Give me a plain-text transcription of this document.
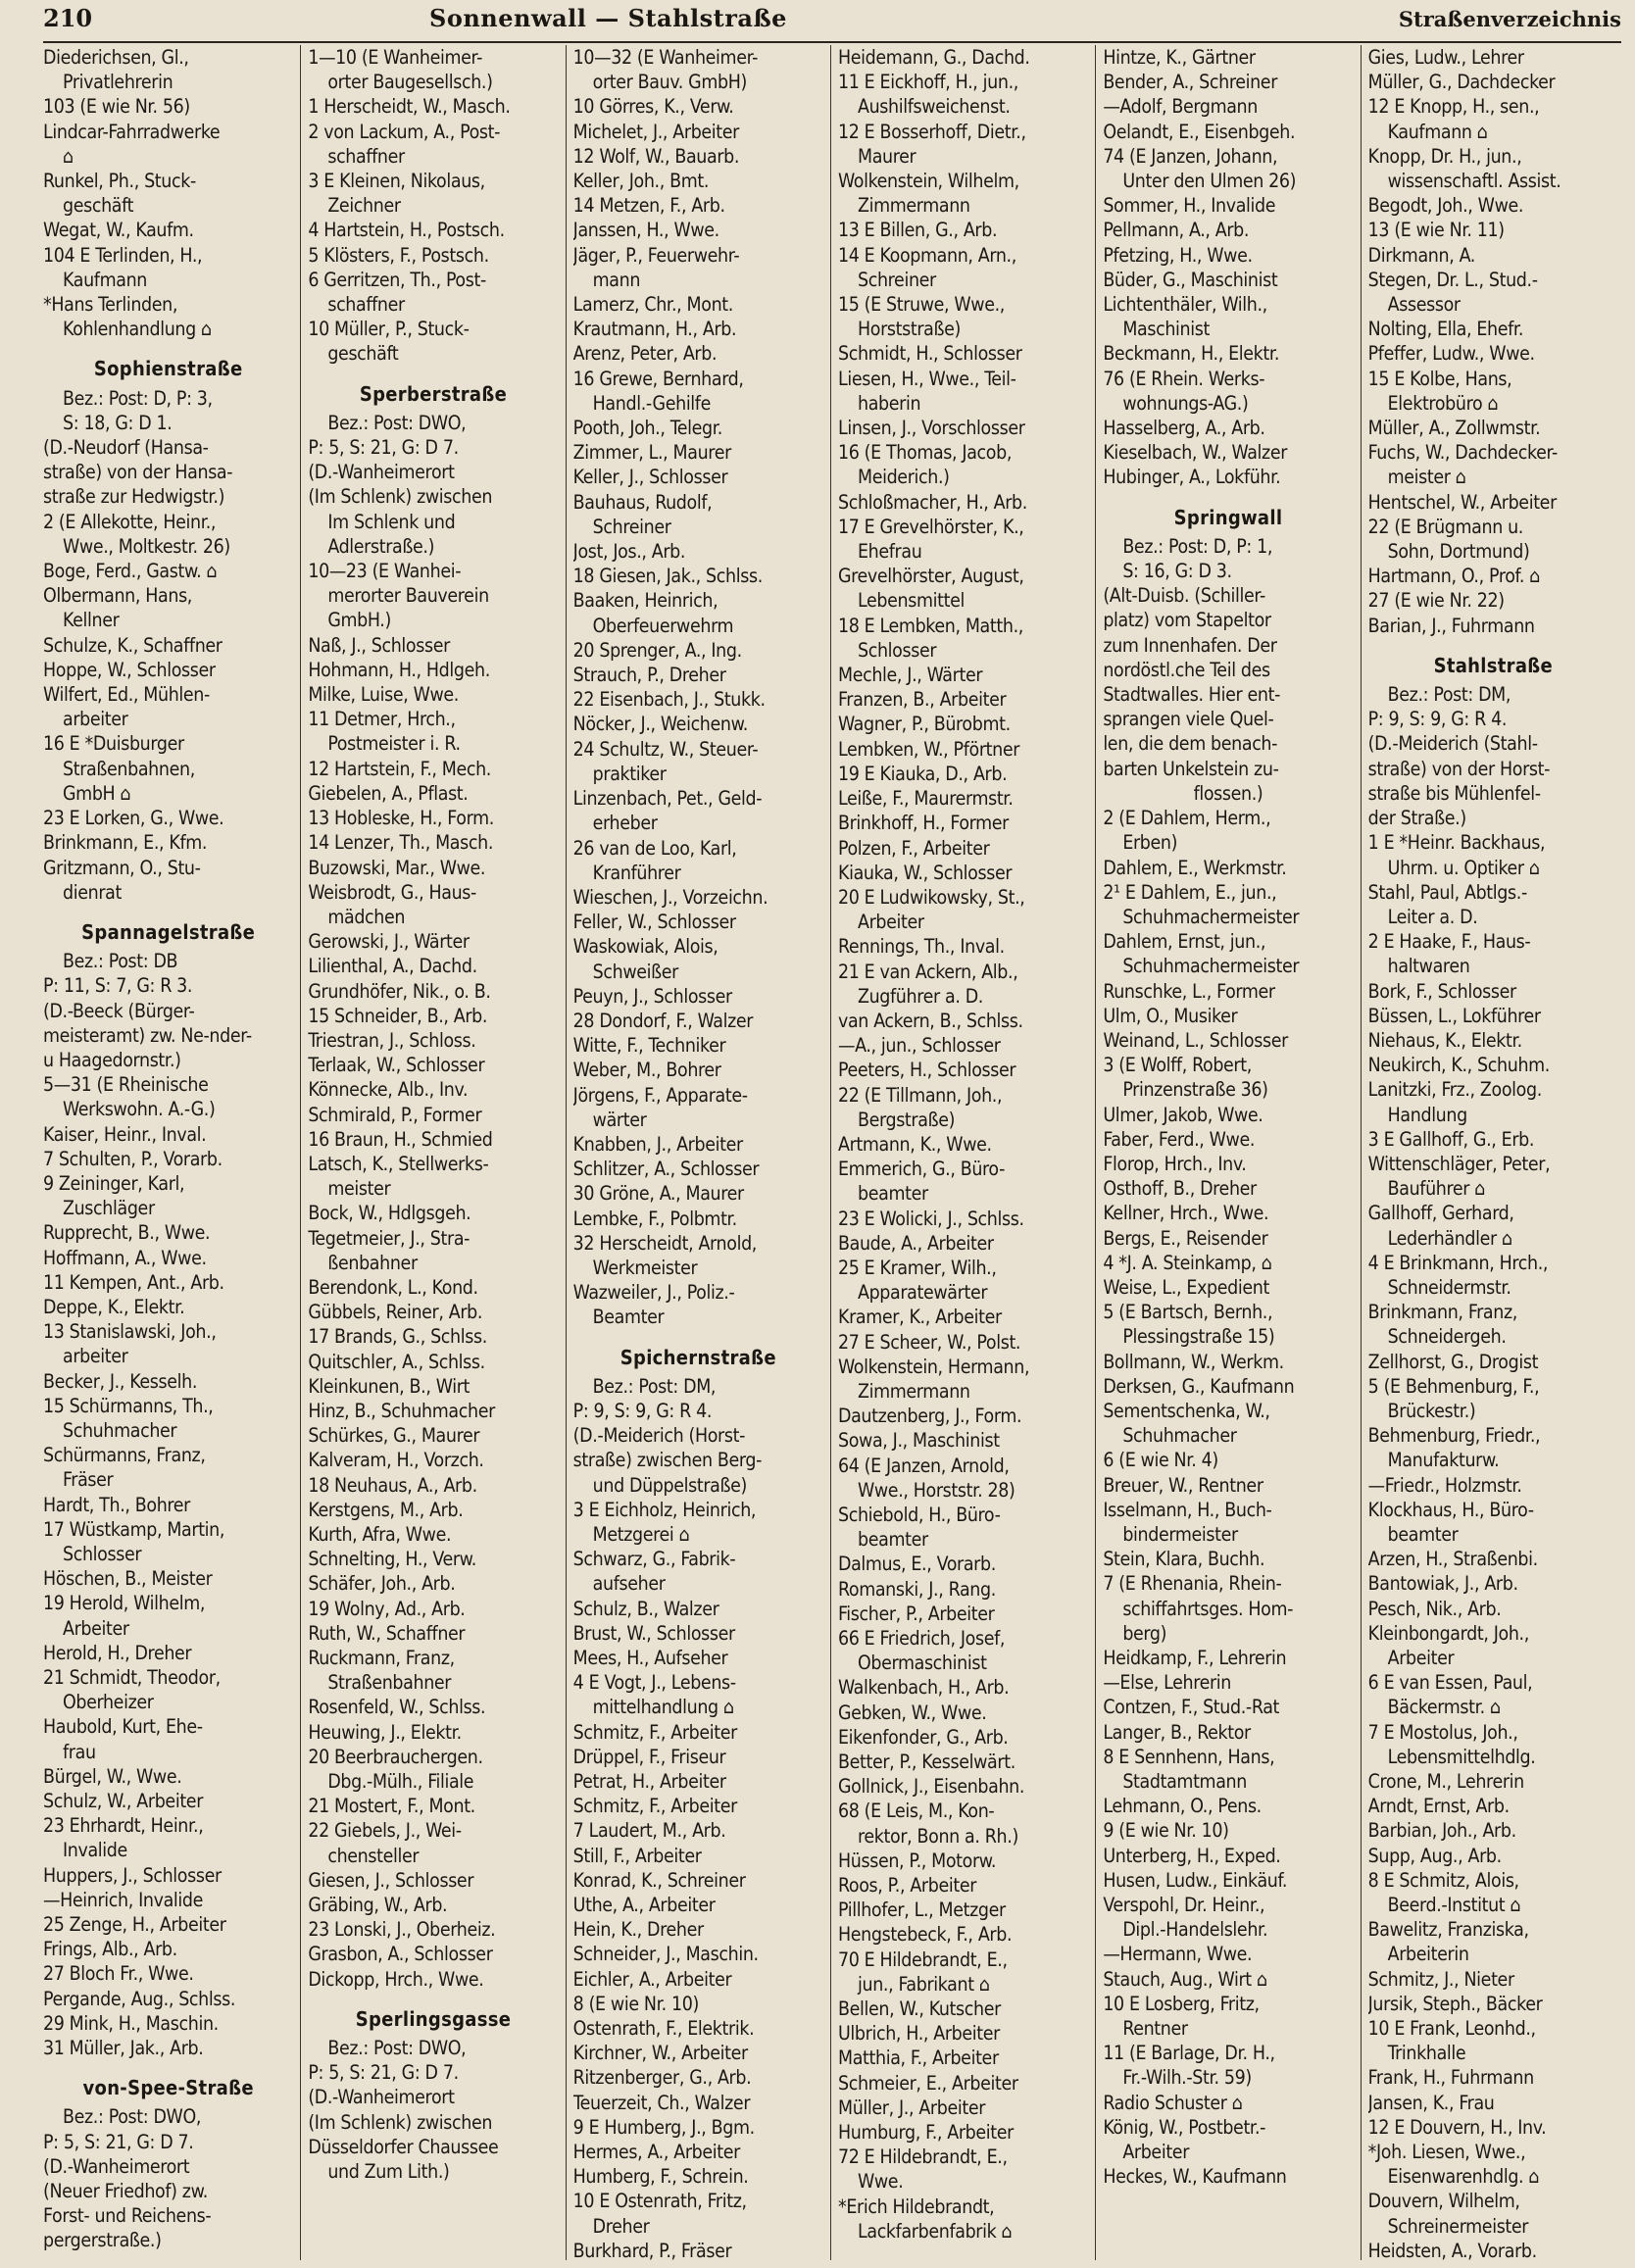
210	Sonnenwall — Stahlstraße	Straßenverzeichnis
Diederichsen, Gl.,
Privatlehrerin
103 (E wie Nr. 56)
Lindcar-Fahrradwerke
⌂
Runkel, Ph., Stuck-
geschäft
Wegat, W., Kaufm.
104 E Terlinden, H.,
Kaufmann
*Hans Terlinden,
Kohlenhandlung ⌂
Sophienstraße
Bez.: Post: D, P: 3,
S: 18, G: D 1.
(D.-Neudorf (Hansa-
straße) von der Hansa-
straße zur Hedwigstr.)
2 (E Allekotte, Heinr.,
Wwe., Moltkestr. 26)
Boge, Ferd., Gastw. ⌂
Olbermann, Hans,
Kellner
Schulze, K., Schaffner
Hoppe, W., Schlosser
Wilfert, Ed., Mühlen-
arbeiter
16 E *Duisburger
Straßenbahnen,
GmbH ⌂
23 E Lorken, G., Wwe.
Brinkmann, E., Kfm.
Gritzmann, O., Stu-
dienrat
Spannagelstraße
Bez.: Post: DB
P: 11, S: 7, G: R 3.
(D.-Beeck (Bürger-
meisteramt) zw. Ne-nder-
u Haagedornstr.)
5—31 (E Rheinische
Werkswohn. A.-G.)
Kaiser, Heinr., Inval.
7 Schulten, P., Vorarb.
9 Zeininger, Karl,
Zuschläger
Rupprecht, B., Wwe.
Hoffmann, A., Wwe.
11 Kempen, Ant., Arb.
Deppe, K., Elektr.
13 Stanislawski, Joh.,
arbeiter
Becker, J., Kesselh.
15 Schürmanns, Th.,
Schuhmacher
Schürmanns, Franz,
Fräser
Hardt, Th., Bohrer
17 Wüstkamp, Martin,
Schlosser
Höschen, B., Meister
19 Herold, Wilhelm,
Arbeiter
Herold, H., Dreher
21 Schmidt, Theodor,
Oberheizer
Haubold, Kurt, Ehe-
frau
Bürgel, W., Wwe.
Schulz, W., Arbeiter
23 Ehrhardt, Heinr.,
Invalide
Huppers, J., Schlosser
—Heinrich, Invalide
25 Zenge, H., Arbeiter
Frings, Alb., Arb.
27 Bloch Fr., Wwe.
Pergande, Aug., Schlss.
29 Mink, H., Maschin.
31 Müller, Jak., Arb.
von-Spee-Straße
Bez.: Post: DWO,
P: 5, S: 21, G: D 7.
(D.-Wanheimerort
(Neuer Friedhof) zw.
Forst- und Reichens-
pergerstraße.)
1—10 (E Wanheimer-
orter Baugesellsch.)
1 Herscheidt, W., Masch.
2 von Lackum, A., Post-
schaffner
3 E Kleinen, Nikolaus,
Zeichner
4 Hartstein, H., Postsch.
5 Klösters, F., Postsch.
6 Gerritzen, Th., Post-
schaffner
10 Müller, P., Stuck-
geschäft
Sperberstraße
Bez.: Post: DWO,
P: 5, S: 21, G: D 7.
(D.-Wanheimerort
(Im Schlenk) zwischen
Im Schlenk und
Adlerstraße.)
10—23 (E Wanhei-
merorter Bauverein
GmbH.)
Naß, J., Schlosser
Hohmann, H., Hdlgeh.
Milke, Luise, Wwe.
11 Detmer, Hrch.,
Postmeister i. R.
12 Hartstein, F., Mech.
Giebelen, A., Pflast.
13 Hobleske, H., Form.
14 Lenzer, Th., Masch.
Buzowski, Mar., Wwe.
Weisbrodt, G., Haus-
mädchen
Gerowski, J., Wärter
Lilienthal, A., Dachd.
Grundhöfer, Nik., o. B.
15 Schneider, B., Arb.
Triestran, J., Schloss.
Terlaak, W., Schlosser
Könnecke, Alb., Inv.
Schmirald, P., Former
16 Braun, H., Schmied
Latsch, K., Stellwerks-
meister
Bock, W., Hdlgsgeh.
Tegetmeier, J., Stra-
ßenbahner
Berendonk, L., Kond.
Gübbels, Reiner, Arb.
17 Brands, G., Schlss.
Quitschler, A., Schlss.
Kleinkunen, B., Wirt
Hinz, B., Schuhmacher
Schürkes, G., Maurer
Kalveram, H., Vorzch.
18 Neuhaus, A., Arb.
Kerstgens, M., Arb.
Kurth, Afra, Wwe.
Schnelting, H., Verw.
Schäfer, Joh., Arb.
19 Wolny, Ad., Arb.
Ruth, W., Schaffner
Ruckmann, Franz,
Straßenbahner
Rosenfeld, W., Schlss.
Heuwing, J., Elektr.
20 Beerbrauchergen.
Dbg.-Mülh., Filiale
21 Mostert, F., Mont.
22 Giebels, J., Wei-
chensteller
Giesen, J., Schlosser
Gräbing, W., Arb.
23 Lonski, J., Oberheiz.
Grasbon, A., Schlosser
Dickopp, Hrch., Wwe.
Sperlingsgasse
Bez.: Post: DWO,
P: 5, S: 21, G: D 7.
(D.-Wanheimerort
(Im Schlenk) zwischen
Düsseldorfer Chaussee
und Zum Lith.)
10—32 (E Wanheimer-
orter Bauv. GmbH)
10 Görres, K., Verw.
Michelet, J., Arbeiter
12 Wolf, W., Bauarb.
Keller, Joh., Bmt.
14 Metzen, F., Arb.
Janssen, H., Wwe.
Jäger, P., Feuerwehr-
mann
Lamerz, Chr., Mont.
Krautmann, H., Arb.
Arenz, Peter, Arb.
16 Grewe, Bernhard,
Handl.-Gehilfe
Pooth, Joh., Telegr.
Zimmer, L., Maurer
Keller, J., Schlosser
Bauhaus, Rudolf,
Schreiner
Jost, Jos., Arb.
18 Giesen, Jak., Schlss.
Baaken, Heinrich,
Oberfeuerwehrm
20 Sprenger, A., Ing.
Strauch, P., Dreher
22 Eisenbach, J., Stukk.
Nöcker, J., Weichenw.
24 Schultz, W., Steuer-
praktiker
Linzenbach, Pet., Geld-
erheber
26 van de Loo, Karl,
Kranführer
Wieschen, J., Vorzeichn.
Feller, W., Schlosser
Waskowiak, Alois,
Schweißer
Peuyn, J., Schlosser
28 Dondorf, F., Walzer
Witte, F., Techniker
Weber, M., Bohrer
Jörgens, F., Apparate-
wärter
Knabben, J., Arbeiter
Schlitzer, A., Schlosser
30 Gröne, A., Maurer
Lembke, F., Polbmtr.
32 Herscheidt, Arnold,
Werkmeister
Wazweiler, J., Poliz.-
Beamter
Spichernstraße
Bez.: Post: DM,
P: 9, S: 9, G: R 4.
(D.-Meiderich (Horst-
straße) zwischen Berg-
und Düppelstraße)
3 E Eichholz, Heinrich,
Metzgerei ⌂
Schwarz, G., Fabrik-
aufseher
Schulz, B., Walzer
Brust, W., Schlosser
Mees, H., Aufseher
4 E Vogt, J., Lebens-
mittelhandlung ⌂
Schmitz, F., Arbeiter
Drüppel, F., Friseur
Petrat, H., Arbeiter
Schmitz, F., Arbeiter
7 Laudert, M., Arb.
Still, F., Arbeiter
Konrad, K., Schreiner
Uthe, A., Arbeiter
Hein, K., Dreher
Schneider, J., Maschin.
Eichler, A., Arbeiter
8 (E wie Nr. 10)
Ostenrath, F., Elektrik.
Kirchner, W., Arbeiter
Ritzenberger, G., Arb.
Teuerzeit, Ch., Walzer
9 E Humberg, J., Bgm.
Hermes, A., Arbeiter
Humberg, F., Schrein.
10 E Ostenrath, Fritz,
Dreher
Burkhard, P., Fräser
Heidemann, G., Dachd.
11 E Eickhoff, H., jun.,
Aushilfsweichenst.
12 E Bosserhoff, Dietr.,
Maurer
Wolkenstein, Wilhelm,
Zimmermann
13 E Billen, G., Arb.
14 E Koopmann, Arn.,
Schreiner
15 (E Struwe, Wwe.,
Horststraße)
Schmidt, H., Schlosser
Liesen, H., Wwe., Teil-
haberin
Linsen, J., Vorschlosser
16 (E Thomas, Jacob,
Meiderich.)
Schloßmacher, H., Arb.
17 E Grevelhörster, K.,
Ehefrau
Grevelhörster, August,
Lebensmittel
18 E Lembken, Matth.,
Schlosser
Mechle, J., Wärter
Franzen, B., Arbeiter
Wagner, P., Bürobmt.
Lembken, W., Pförtner
19 E Kiauka, D., Arb.
Leiße, F., Maurermstr.
Brinkhoff, H., Former
Polzen, F., Arbeiter
Kiauka, W., Schlosser
20 E Ludwikowsky, St.,
Arbeiter
Rennings, Th., Inval.
21 E van Ackern, Alb.,
Zugführer a. D.
van Ackern, B., Schlss.
—A., jun., Schlosser
Peeters, H., Schlosser
22 (E Tillmann, Joh.,
Bergstraße)
Artmann, K., Wwe.
Emmerich, G., Büro-
beamter
23 E Wolicki, J., Schlss.
Baude, A., Arbeiter
25 E Kramer, Wilh.,
Apparatewärter
Kramer, K., Arbeiter
27 E Scheer, W., Polst.
Wolkenstein, Hermann,
Zimmermann
Dautzenberg, J., Form.
Sowa, J., Maschinist
64 (E Janzen, Arnold,
Wwe., Horststr. 28)
Schiebold, H., Büro-
beamter
Dalmus, E., Vorarb.
Romanski, J., Rang.
Fischer, P., Arbeiter
66 E Friedrich, Josef,
Obermaschinist
Walkenbach, H., Arb.
Gebken, W., Wwe.
Eikenfonder, G., Arb.
Better, P., Kesselwärt.
Gollnick, J., Eisenbahn.
68 (E Leis, M., Kon-
rektor, Bonn a. Rh.)
Hüssen, P., Motorw.
Roos, P., Arbeiter
Pillhofer, L., Metzger
Hengstebeck, F., Arb.
70 E Hildebrandt, E.,
jun., Fabrikant ⌂
Bellen, W., Kutscher
Ulbrich, H., Arbeiter
Matthia, F., Arbeiter
Schmeier, E., Arbeiter
Müller, J., Arbeiter
Humburg, F., Arbeiter
72 E Hildebrandt, E.,
Wwe.
*Erich Hildebrandt,
Lackfarbenfabrik ⌂
Hintze, K., Gärtner
Bender, A., Schreiner
—Adolf, Bergmann
Oelandt, E., Eisenbgeh.
74 (E Janzen, Johann,
Unter den Ulmen 26)
Sommer, H., Invalide
Pellmann, A., Arb.
Pfetzing, H., Wwe.
Büder, G., Maschinist
Lichtenthäler, Wilh.,
Maschinist
Beckmann, H., Elektr.
76 (E Rhein. Werks-
wohnungs-AG.)
Hasselberg, A., Arb.
Kieselbach, W., Walzer
Hubinger, A., Lokführ.
Springwall
Bez.: Post: D, P: 1,
S: 16, G: D 3.
(Alt-Duisb. (Schiller-
platz) vom Stapeltor
zum Innenhafen. Der
nordöstl.che Teil des
Stadtwalles. Hier ent-
sprangen viele Quel-
len, die dem benach-
barten Unkelstein zu-
flossen.)
2 (E Dahlem, Herm.,
Erben)
Dahlem, E., Werkmstr.
2¹ E Dahlem, E., jun.,
Schuhmachermeister
Dahlem, Ernst, jun.,
Schuhmachermeister
Runschke, L., Former
Ulm, O., Musiker
Weinand, L., Schlosser
3 (E Wolff, Robert,
Prinzenstraße 36)
Ulmer, Jakob, Wwe.
Faber, Ferd., Wwe.
Florop, Hrch., Inv.
Osthoff, B., Dreher
Kellner, Hrch., Wwe.
Bergs, E., Reisender
4 *J. A. Steinkamp, ⌂
Weise, L., Expedient
5 (E Bartsch, Bernh.,
Plessingstraße 15)
Bollmann, W., Werkm.
Derksen, G., Kaufmann
Sementschenka, W.,
Schuhmacher
6 (E wie Nr. 4)
Breuer, W., Rentner
Isselmann, H., Buch-
bindermeister
Stein, Klara, Buchh.
7 (E Rhenania, Rhein-
schiffahrtsges. Hom-
berg)
Heidkamp, F., Lehrerin
—Else, Lehrerin
Contzen, F., Stud.-Rat
Langer, B., Rektor
8 E Sennhenn, Hans,
Stadtamtmann
Lehmann, O., Pens.
9 (E wie Nr. 10)
Unterberg, H., Exped.
Husen, Ludw., Einkäuf.
Verspohl, Dr. Heinr.,
Dipl.-Handelslehr.
—Hermann, Wwe.
Stauch, Aug., Wirt ⌂
10 E Losberg, Fritz,
Rentner
11 (E Barlage, Dr. H.,
Fr.-Wilh.-Str. 59)
Radio Schuster ⌂
König, W., Postbetr.-
Arbeiter
Heckes, W., Kaufmann
Gies, Ludw., Lehrer
Müller, G., Dachdecker
12 E Knopp, H., sen.,
Kaufmann ⌂
Knopp, Dr. H., jun.,
wissenschaftl. Assist.
Begodt, Joh., Wwe.
13 (E wie Nr. 11)
Dirkmann, A.
Stegen, Dr. L., Stud.-
Assessor
Nolting, Ella, Ehefr.
Pfeffer, Ludw., Wwe.
15 E Kolbe, Hans,
Elektrobüro ⌂
Müller, A., Zollwmstr.
Fuchs, W., Dachdecker-
meister ⌂
Hentschel, W., Arbeiter
22 (E Brügmann u.
Sohn, Dortmund)
Hartmann, O., Prof. ⌂
27 (E wie Nr. 22)
Barian, J., Fuhrmann
Stahlstraße
Bez.: Post: DM,
P: 9, S: 9, G: R 4.
(D.-Meiderich (Stahl-
straße) von der Horst-
straße bis Mühlenfel-
der Straße.)
1 E *Heinr. Backhaus,
Uhrm. u. Optiker ⌂
Stahl, Paul, Abtlgs.-
Leiter a. D.
2 E Haake, F., Haus-
haltwaren
Bork, F., Schlosser
Büssen, L., Lokführer
Niehaus, K., Elektr.
Neukirch, K., Schuhm.
Lanitzki, Frz., Zoolog.
Handlung
3 E Gallhoff, G., Erb.
Wittenschläger, Peter,
Bauführer ⌂
Gallhoff, Gerhard,
Lederhändler ⌂
4 E Brinkmann, Hrch.,
Schneidermstr.
Brinkmann, Franz,
Schneidergeh.
Zellhorst, G., Drogist
5 (E Behmenburg, F.,
Brückestr.)
Behmenburg, Friedr.,
Manufakturw.
—Friedr., Holzmstr.
Klockhaus, H., Büro-
beamter
Arzen, H., Straßenbi.
Bantowiak, J., Arb.
Pesch, Nik., Arb.
Kleinbongardt, Joh.,
Arbeiter
6 E van Essen, Paul,
Bäckermstr. ⌂
7 E Mostolus, Joh.,
Lebensmittelhdlg.
Crone, M., Lehrerin
Arndt, Ernst, Arb.
Barbian, Joh., Arb.
Supp, Aug., Arb.
8 E Schmitz, Alois,
Beerd.-Institut ⌂
Bawelitz, Franziska,
Arbeiterin
Schmitz, J., Nieter
Jursik, Steph., Bäcker
10 E Frank, Leonhd.,
Trinkhalle
Frank, H., Fuhrmann
Jansen, K., Frau
12 E Douvern, H., Inv.
*Joh. Liesen, Wwe.,
Eisenwarenhdlg. ⌂
Douvern, Wilhelm,
Schreinermeister
Heidsten, A., Vorarb.
